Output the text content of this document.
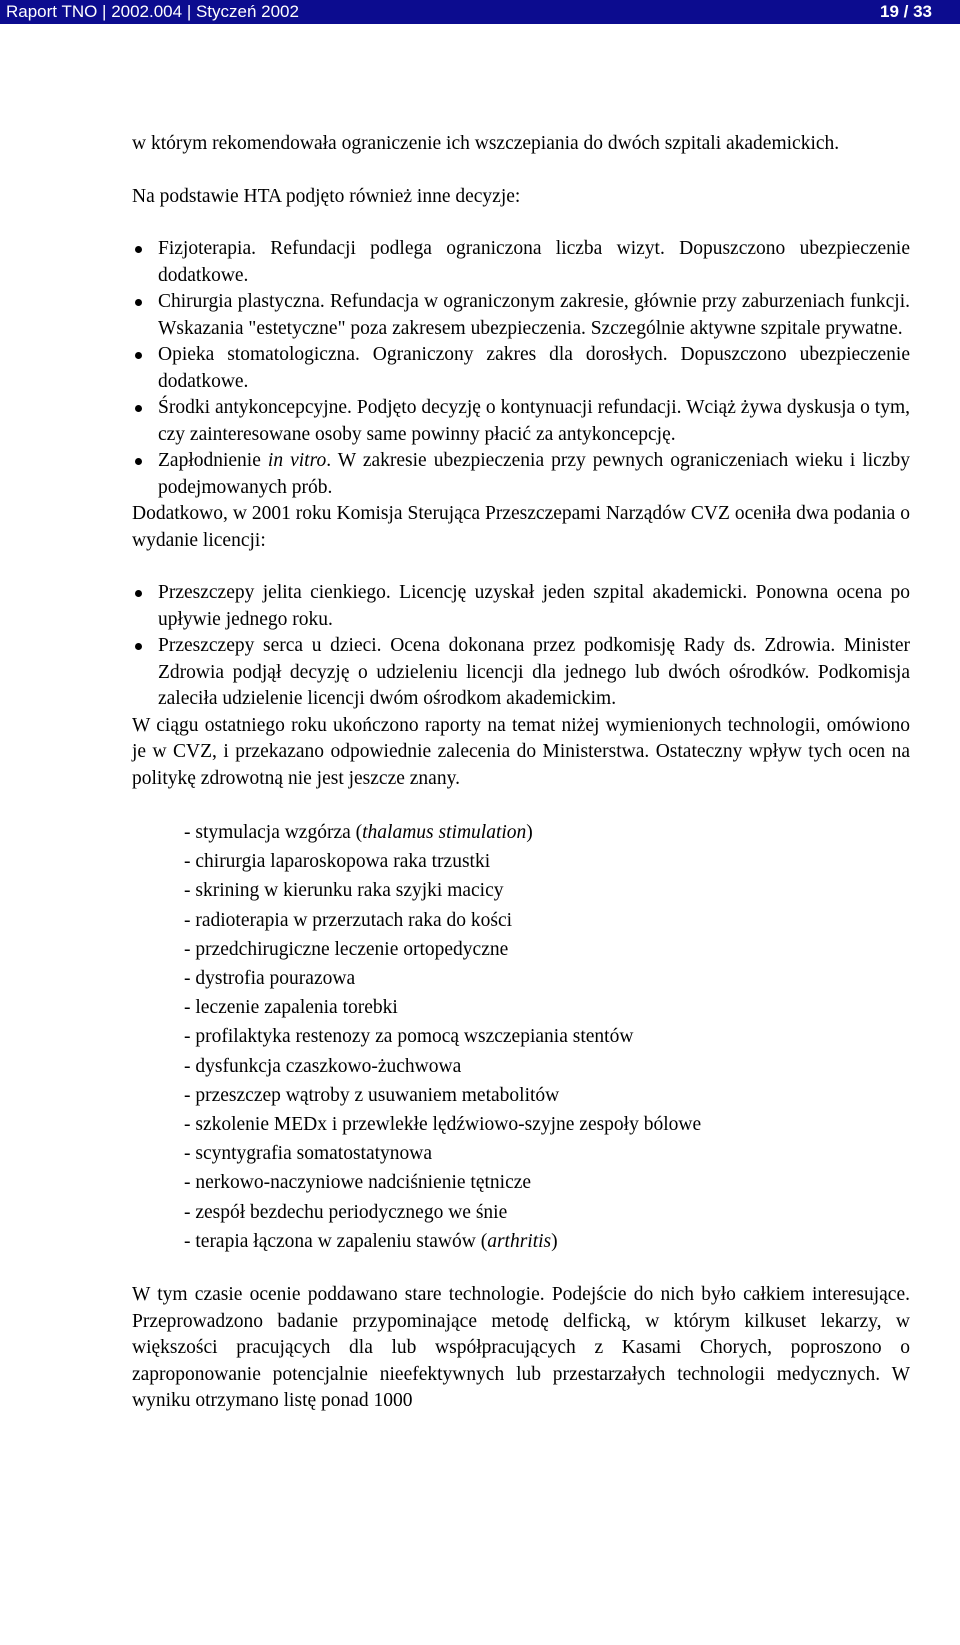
Raport TNO | 2002.004 | Styczeń 2002	19 / 33

w którym rekomendowała ograniczenie ich wszczepiania do dwóch szpitali akademickich.

Na podstawie HTA podjęto również inne decyzje:

Fizjoterapia. Refundacji podlega ograniczona liczba wizyt. Dopuszczono ubezpieczenie dodatkowe.
Chirurgia plastyczna. Refundacja w ograniczonym zakresie, głównie przy zaburzeniach funkcji. Wskazania "estetyczne" poza zakresem ubezpieczenia. Szczególnie aktywne szpitale prywatne.
Opieka stomatologiczna. Ograniczony zakres dla dorosłych. Dopuszczono ubezpieczenie dodatkowe.
Środki antykoncepcyjne. Podjęto decyzję o kontynuacji refundacji. Wciąż żywa dyskusja o tym, czy zainteresowane osoby same powinny płacić za antykoncepcję.
Zapłodnienie in vitro. W zakresie ubezpieczenia przy pewnych ograniczeniach wieku i liczby podejmowanych prób.

Dodatkowo, w 2001 roku Komisja Sterująca Przeszczepami Narządów CVZ oceniła dwa podania o wydanie licencji:

Przeszczepy jelita cienkiego. Licencję uzyskał jeden szpital akademicki. Ponowna ocena po upływie jednego roku.
Przeszczepy serca u dzieci. Ocena dokonana przez podkomisję Rady ds. Zdrowia. Minister Zdrowia podjął decyzję o udzieleniu licencji dla jednego lub dwóch ośrodków. Podkomisja zaleciła udzielenie licencji dwóm ośrodkom akademickim.

W ciągu ostatniego roku ukończono raporty na temat niżej wymienionych technologii, omówiono je w CVZ, i przekazano odpowiednie zalecenia do Ministerstwa. Ostateczny wpływ tych ocen na politykę zdrowotną nie jest jeszcze znany.

- stymulacja wzgórza (thalamus stimulation)
- chirurgia laparoskopowa raka trzustki
- skrining w kierunku raka szyjki macicy
- radioterapia w przerzutach raka do kości
- przedchirugiczne leczenie ortopedyczne
- dystrofia pourazowa
- leczenie zapalenia torebki
- profilaktyka restenozy za pomocą wszczepiania stentów
- dysfunkcja czaszkowo-żuchwowa
- przeszczep wątroby z usuwaniem metabolitów
- szkolenie MEDx i przewlekłe lędźwiowo-szyjne zespoły bólowe
- scyntygrafia somatostatynowa
- nerkowo-naczyniowe nadciśnienie tętnicze
- zespół bezdechu periodycznego we śnie
- terapia łączona w zapaleniu stawów (arthritis)

W tym czasie ocenie poddawano stare technologie. Podejście do nich było całkiem interesujące. Przeprowadzono badanie przypominające metodę delficką, w którym kilkuset lekarzy, w większości pracujących dla lub współpracujących z Kasami Chorych, poproszono o zaproponowanie potencjalnie nieefektywnych lub przestarzałych technologii medycznych. W wyniku otrzymano listę ponad 1000
